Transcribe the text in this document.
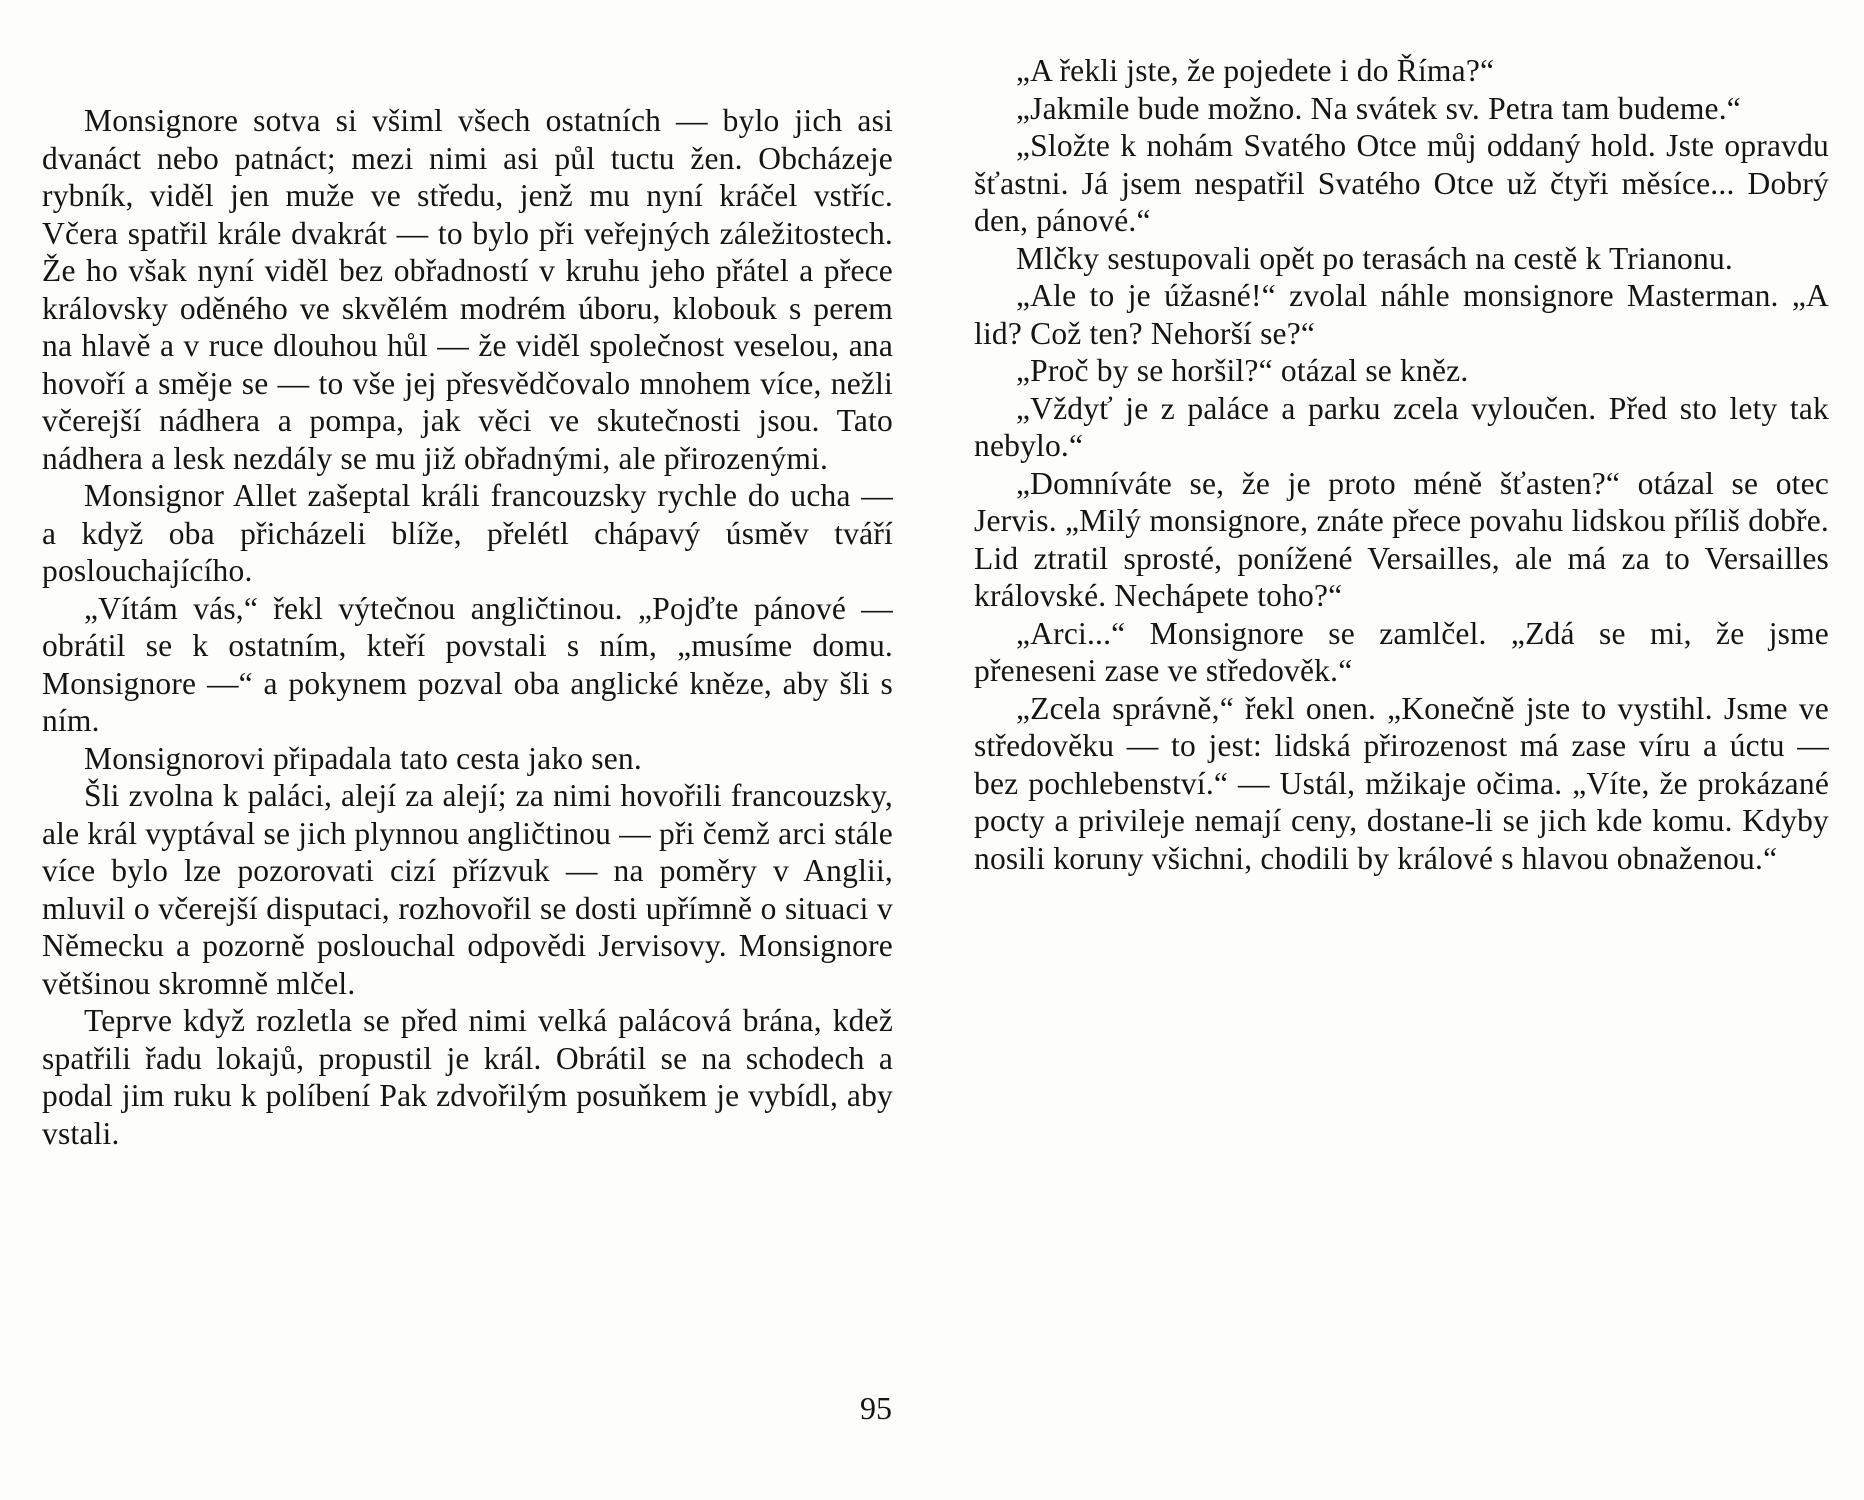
Monsignore sotva si všiml všech ostatních — bylo jich asi dvanáct nebo patnáct; mezi nimi asi půl tuctu žen. Obcházeje rybník, viděl jen muže ve středu, jenž mu nyní kráčel vstříc. Včera spatřil krále dvakrát — to bylo při veřejných záležitostech. Že ho však nyní viděl bez obřadností v kruhu jeho přátel a přece královsky oděného ve skvělém modrém úboru, klobouk s perem na hlavě a v ruce dlouhou hůl — že viděl společnost veselou, ana hovoří a směje se — to vše jej přesvědčovalo mnohem více, nežli včerejší nádhera a pompa, jak věci ve skutečnosti jsou. Tato nádhera a lesk nezdály se mu již obřadnými, ale přirozenými.

Monsignor Allet zašeptal králi francouzsky rychle do ucha — a když oba přicházeli blíže, přelétl chápavý úsměv tváří poslouchajícího.

„Vítám vás,“ řekl výtečnou angličtinou. „Pojďte pánové — obrátil se k ostatním, kteří povstali s ním, „musíme domu. Monsignore —“ a pokynem pozval oba anglické kněze, aby šli s ním.

Monsignorovi připadala tato cesta jako sen.

Šli zvolna k paláci, alejí za alejí; za nimi hovořili francouzsky, ale král vyptával se jich plynnou angličtinou — při čemž arci stále více bylo lze pozorovati cizí přízvuk — na poměry v Anglii, mluvil o včerejší disputaci, rozhovořil se dosti upřímně o situaci v Německu a pozorně poslouchal odpovědi Jervisovy. Monsignore většinou skromně mlčel.

Teprve když rozletla se před nimi velká palácová brána, kdež spatřili řadu lokajů, propustil je král. Obrátil se na schodech a podal jim ruku k políbení Pak zdvořilým posuňkem je vybídl, aby vstali.

„A řekli jste, že pojedete i do Říma?“

„Jakmile bude možno. Na svátek sv. Petra tam budeme.“

„Složte k nohám Svatého Otce můj oddaný hold. Jste opravdu šťastni. Já jsem nespatřil Svatého Otce už čtyři měsíce... Dobrý den, pánové.“

Mlčky sestupovali opět po terasách na cestě k Trianonu.

„Ale to je úžasné!“ zvolal náhle monsignore Masterman. „A lid? Což ten? Nehorší se?“

„Proč by se horšil?“ otázal se kněz.

„Vždyť je z paláce a parku zcela vyloučen. Před sto lety tak nebylo.“

„Domníváte se, že je proto méně šťasten?“ otázal se otec Jervis. „Milý monsignore, znáte přece povahu lidskou příliš dobře. Lid ztratil sprosté, ponížené Versailles, ale má za to Versailles královské. Nechápete toho?“

„Arci...“ Monsignore se zamlčel. „Zdá se mi, že jsme přeneseni zase ve středověk.“

„Zcela správně,“ řekl onen. „Konečně jste to vystihl. Jsme ve středověku — to jest: lidská přirozenost má zase víru a úctu — bez pochlebenství.“ — Ustál, mžikaje očima. „Víte, že prokázané pocty a privileje nemají ceny, dostane-li se jich kde komu. Kdyby nosili koruny všichni, chodili by králové s hlavou obnaženou.“

95
